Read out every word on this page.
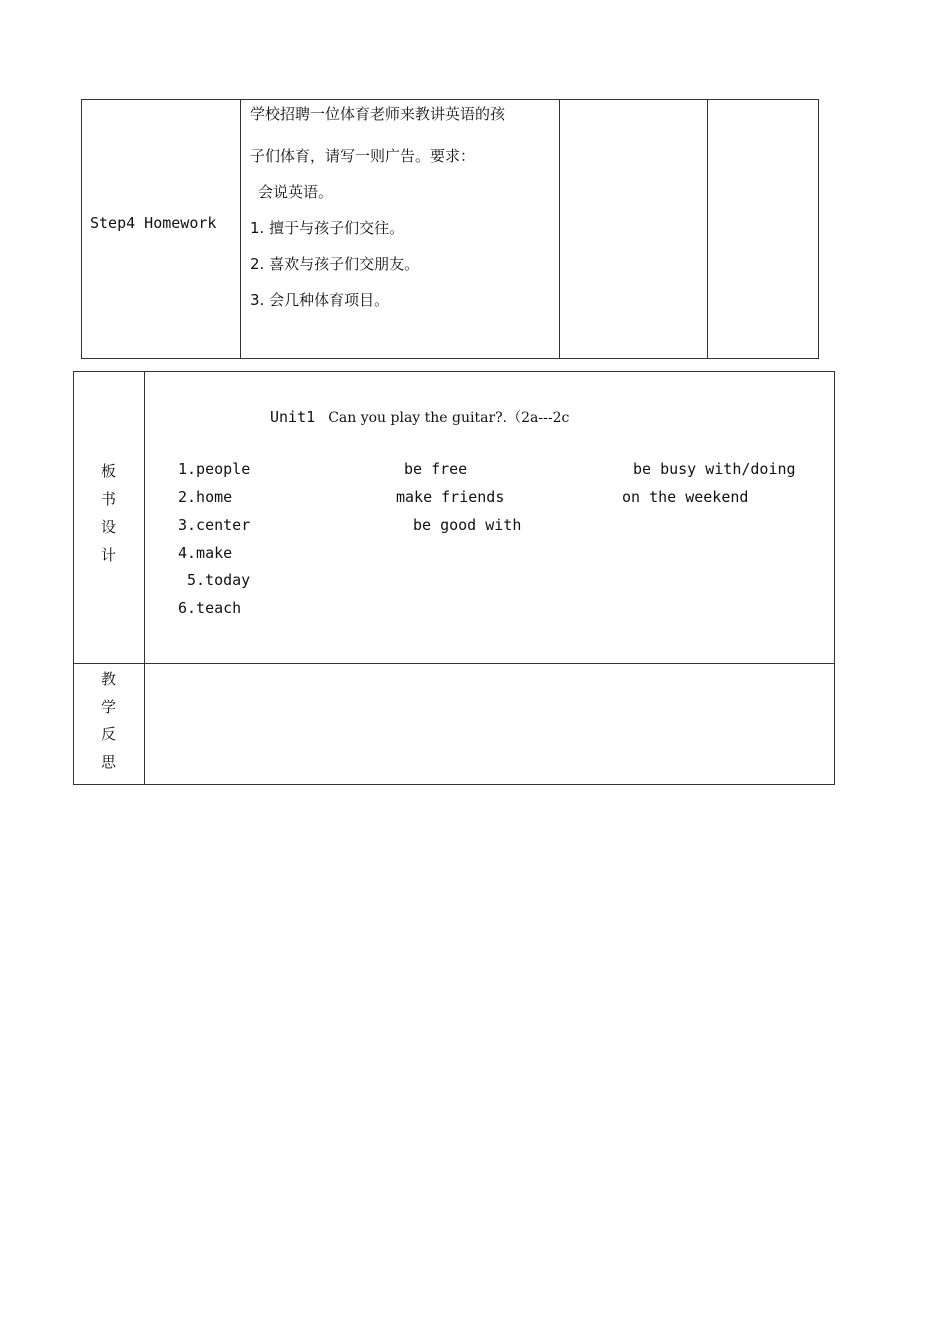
Step4 Homework
学校招聘一位体育老师来教讲英语的孩
子们体育，请写一则广告。要求：
会说英语。
1. 擅于与孩子们交往。
2. 喜欢与孩子们交朋友。
3. 会几种体育项目。
板
书
设
计
Unit1 Can you play the guitar?.（2a---2c
1.people
2.home
3.center
4.make
5.today
6.teach
be free
make friends
be good with
be busy with/doing
on the weekend
教
学
反
思
